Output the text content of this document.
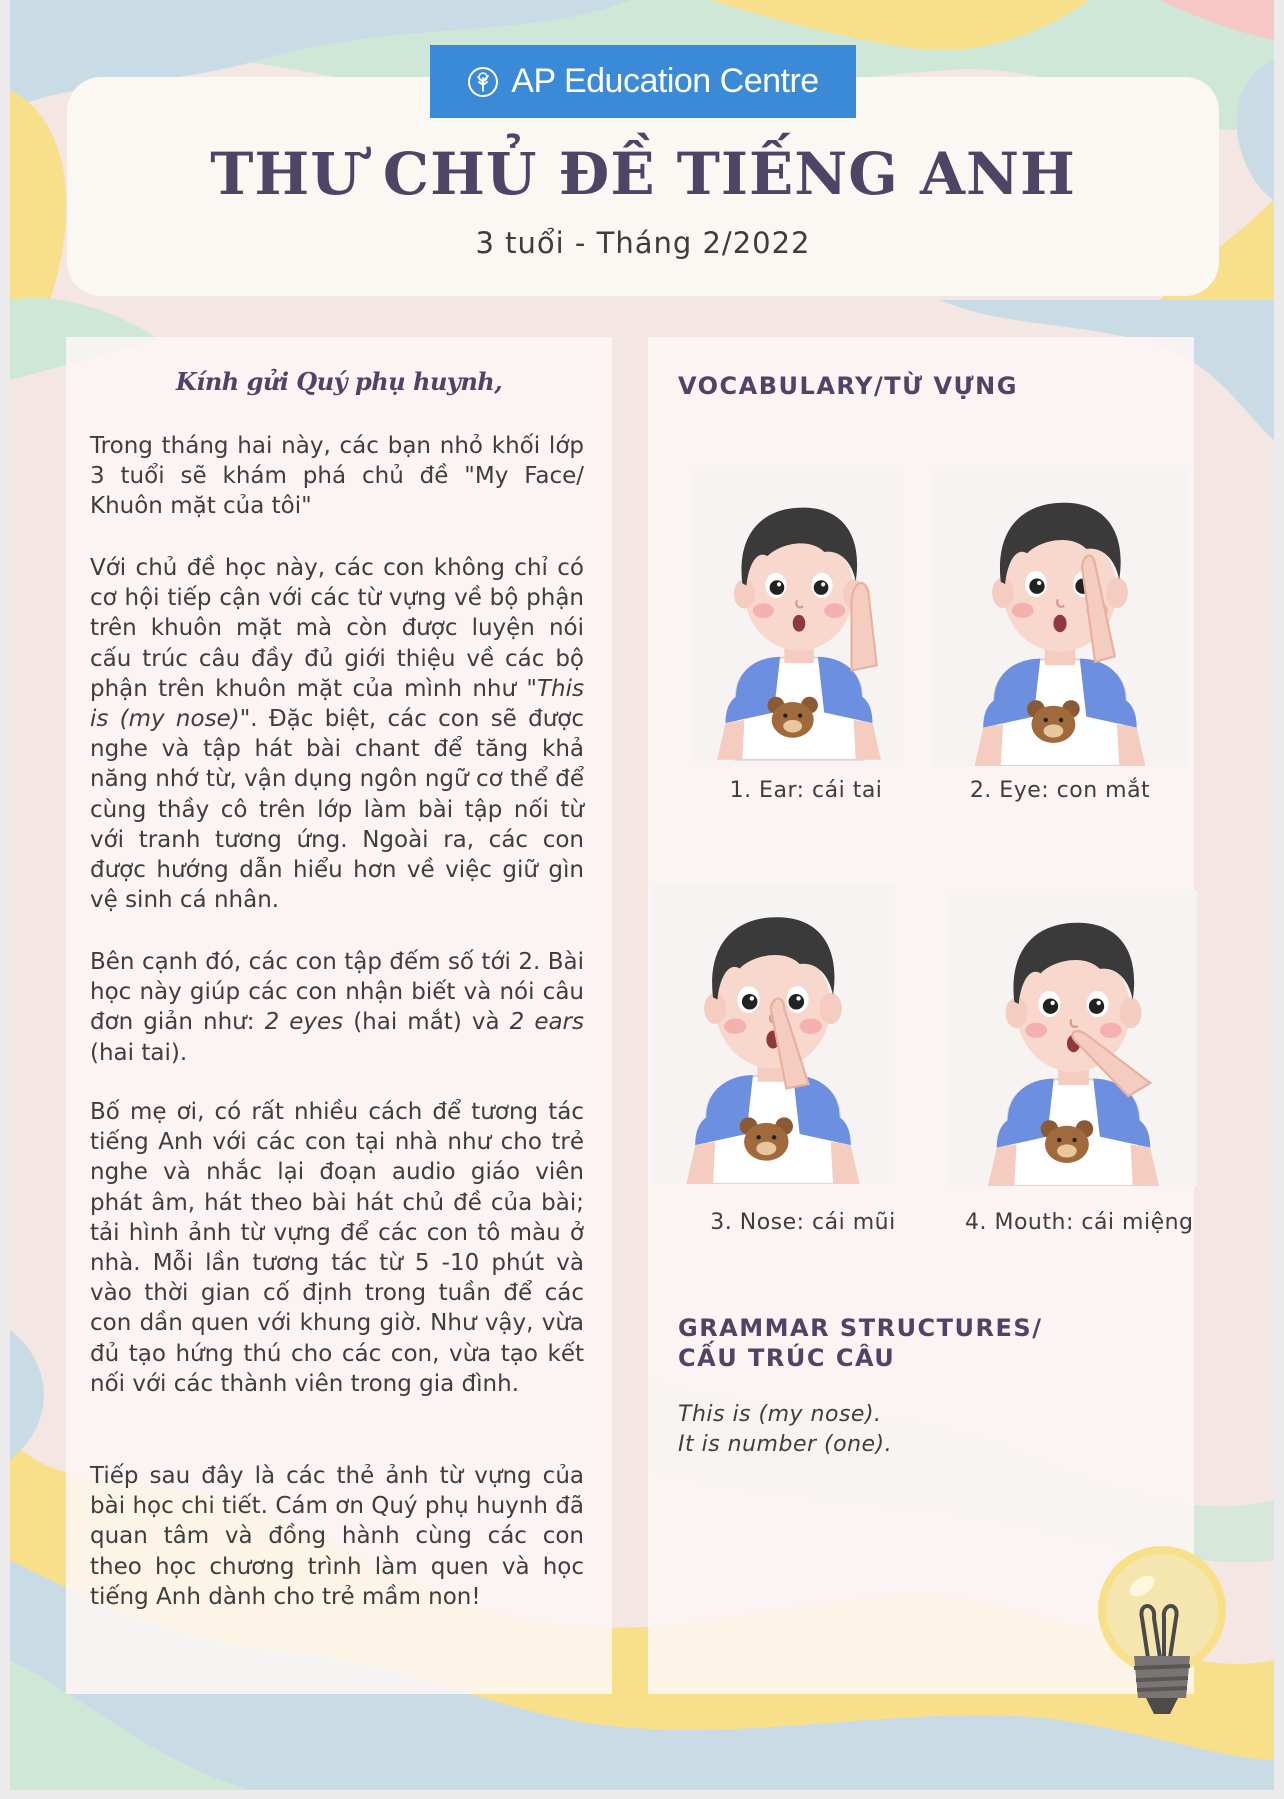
AP Education Centre
THƯ CHỦ ĐỀ TIẾNG ANH
3 tuổi - Tháng 2/2022
Kính gửi Quý phụ huynh,

Trong tháng hai này, các bạn nhỏ khối lớp 3 tuổi sẽ khám phá chủ đề "My Face/ Khuôn mặt của tôi"

Với chủ đề học này, các con không chỉ có cơ hội tiếp cận với các từ vựng về bộ phận trên khuôn mặt mà còn được luyện nói cấu trúc câu đầy đủ giới thiệu về các bộ phận trên khuôn mặt của mình như "This is (my nose)". Đặc biệt, các con sẽ được nghe và tập hát bài chant để tăng khả năng nhớ từ, vận dụng ngôn ngữ cơ thể để cùng thầy cô trên lớp làm bài tập nối từ với tranh tương ứng. Ngoài ra, các con được hướng dẫn hiểu hơn về việc giữ gìn vệ sinh cá nhân.

Bên cạnh đó, các con tập đếm số tới 2. Bài học này giúp các con nhận biết và nói câu đơn giản như: 2 eyes (hai mắt) và 2 ears (hai tai).

Bố mẹ ơi, có rất nhiều cách để tương tác tiếng Anh với các con tại nhà như cho trẻ nghe và nhắc lại đoạn audio giáo viên phát âm, hát theo bài hát chủ đề của bài; tải hình ảnh từ vựng để các con tô màu ở nhà. Mỗi lần tương tác từ 5 -10 phút và vào thời gian cố định trong tuần để các con dần quen với khung giờ. Như vậy, vừa đủ tạo hứng thú cho các con, vừa tạo kết nối với các thành viên trong gia đình.

Tiếp sau đây là các thẻ ảnh từ vựng của bài học chi tiết. Cám ơn Quý phụ huynh đã quan tâm và đồng hành cùng các con theo học chương trình làm quen và học tiếng Anh dành cho trẻ mầm non!

VOCABULARY/TỪ VỰNG
1. Ear: cái tai	2. Eye: con mắt
3. Nose: cái mũi	4. Mouth: cái miệng
GRAMMAR STRUCTURES/
CẤU TRÚC CÂU
This is (my nose).
It is number (one).
